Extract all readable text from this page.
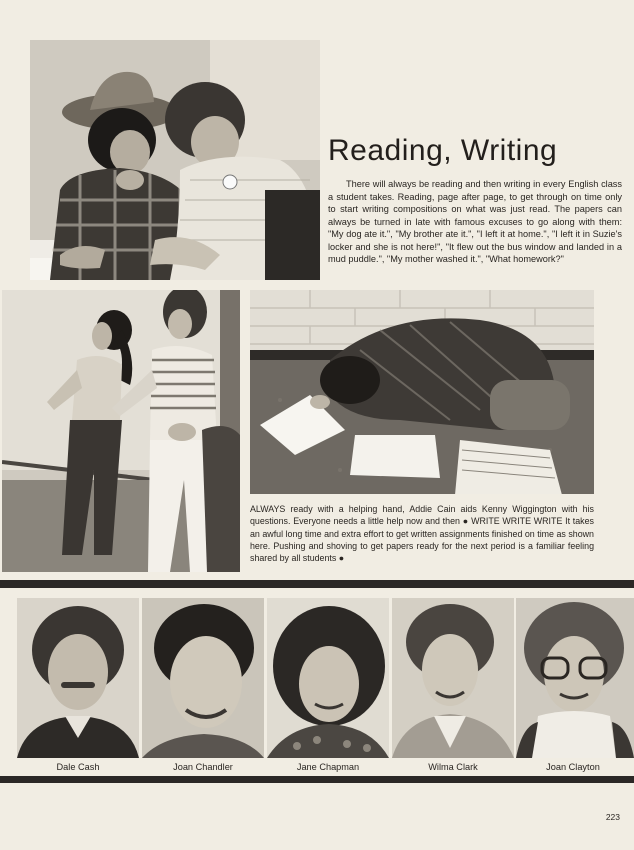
Reading, Writing

There will always be reading and then writing in every English class a student takes. Reading, page after page, to get through on time only to start writing compositions on what was just read. The papers can always be turned in late with famous excuses to go along with them: "My dog ate it.", "My brother ate it.", "I left it at home.", "I left it in Suzie's locker and she is not here!", "It flew out the bus window and landed in a mud puddle.", "My mother washed it.", "What homework?"

ALWAYS ready with a helping hand, Addie Cain aids Kenny Wiggington with his questions. Everyone needs a little help now and then ● WRITE WRITE WRITE It takes an awful long time and extra effort to get written assignments finished on time as shown here. Pushing and shoving to get papers ready for the next period is a familiar feeling shared by all students ●

Dale Cash	Joan Chandler	Jane Chapman	Wilma Clark	Joan Clayton
223
